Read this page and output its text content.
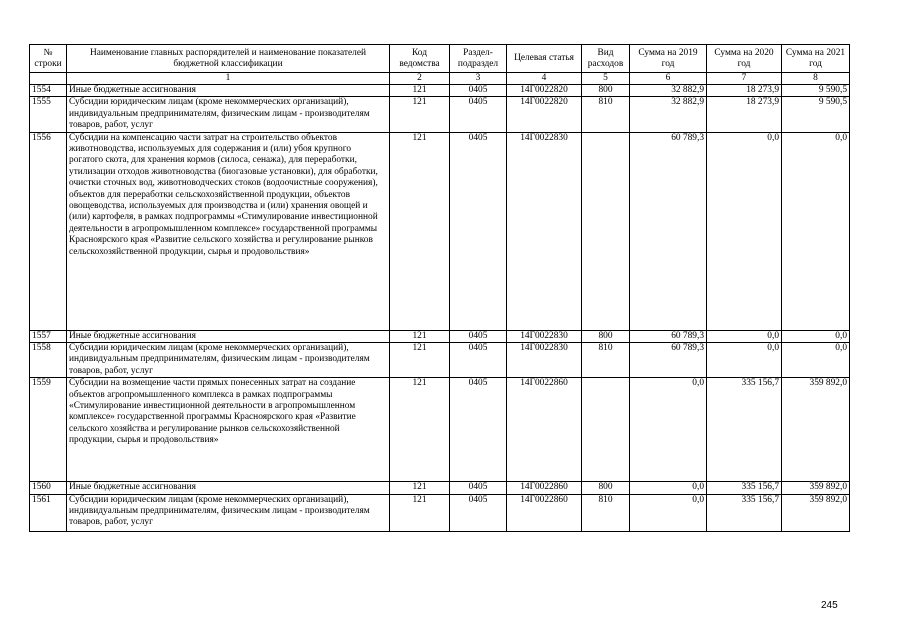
№ строки	Наименование главных распорядителей и наименование показателей бюджетной классификации	Код ведомства	Раздел-подраздел	Целевая статья	Вид расходов	Сумма на 2019 год	Сумма на 2020 год	Сумма на 2021 год
	1	2	3	4	5	6	7	8
1554	Иные бюджетные ассигнования	121	0405	14Г0022820	800	32 882,9	18 273,9	9 590,5
1555	Субсидии юридическим лицам (кроме некоммерческих организаций), индивидуальным предпринимателям, физическим лицам - производителям товаров, работ, услуг	121	0405	14Г0022820	810	32 882,9	18 273,9	9 590,5
1556	Субсидии на компенсацию части затрат на строительство объектов животноводства, используемых для содержания и (или) убоя крупного рогатого скота, для хранения кормов (силоса, сенажа), для переработки, утилизации отходов животноводства (биогазовые установки), для обработки, очистки сточных вод, животноводческих стоков (водоочистные сооружения), объектов для переработки сельскохозяйственной продукции, объектов овощеводства, используемых для производства и (или) хранения овощей и (или) картофеля, в рамках подпрограммы «Стимулирование инвестиционной деятельности в агропромышленном комплексе» государственной программы Красноярского края «Развитие сельского хозяйства и регулирование рынков сельскохозяйственной продукции, сырья и продовольствия»	121	0405	14Г0022830		60 789,3	0,0	0,0
1557	Иные бюджетные ассигнования	121	0405	14Г0022830	800	60 789,3	0,0	0,0
1558	Субсидии юридическим лицам (кроме некоммерческих организаций), индивидуальным предпринимателям, физическим лицам - производителям товаров, работ, услуг	121	0405	14Г0022830	810	60 789,3	0,0	0,0
1559	Субсидии на возмещение части прямых понесенных затрат на создание объектов агропромышленного комплекса в рамках подпрограммы «Стимулирование инвестиционной деятельности в агропромышленном комплексе» государственной программы Красноярского края «Развитие сельского хозяйства и регулирование рынков сельскохозяйственной продукции, сырья и продовольствия»	121	0405	14Г0022860		0,0	335 156,7	359 892,0
1560	Иные бюджетные ассигнования	121	0405	14Г0022860	800	0,0	335 156,7	359 892,0
1561	Субсидии юридическим лицам (кроме некоммерческих организаций), индивидуальным предпринимателям, физическим лицам - производителям товаров, работ, услуг	121	0405	14Г0022860	810	0,0	335 156,7	359 892,0
245
